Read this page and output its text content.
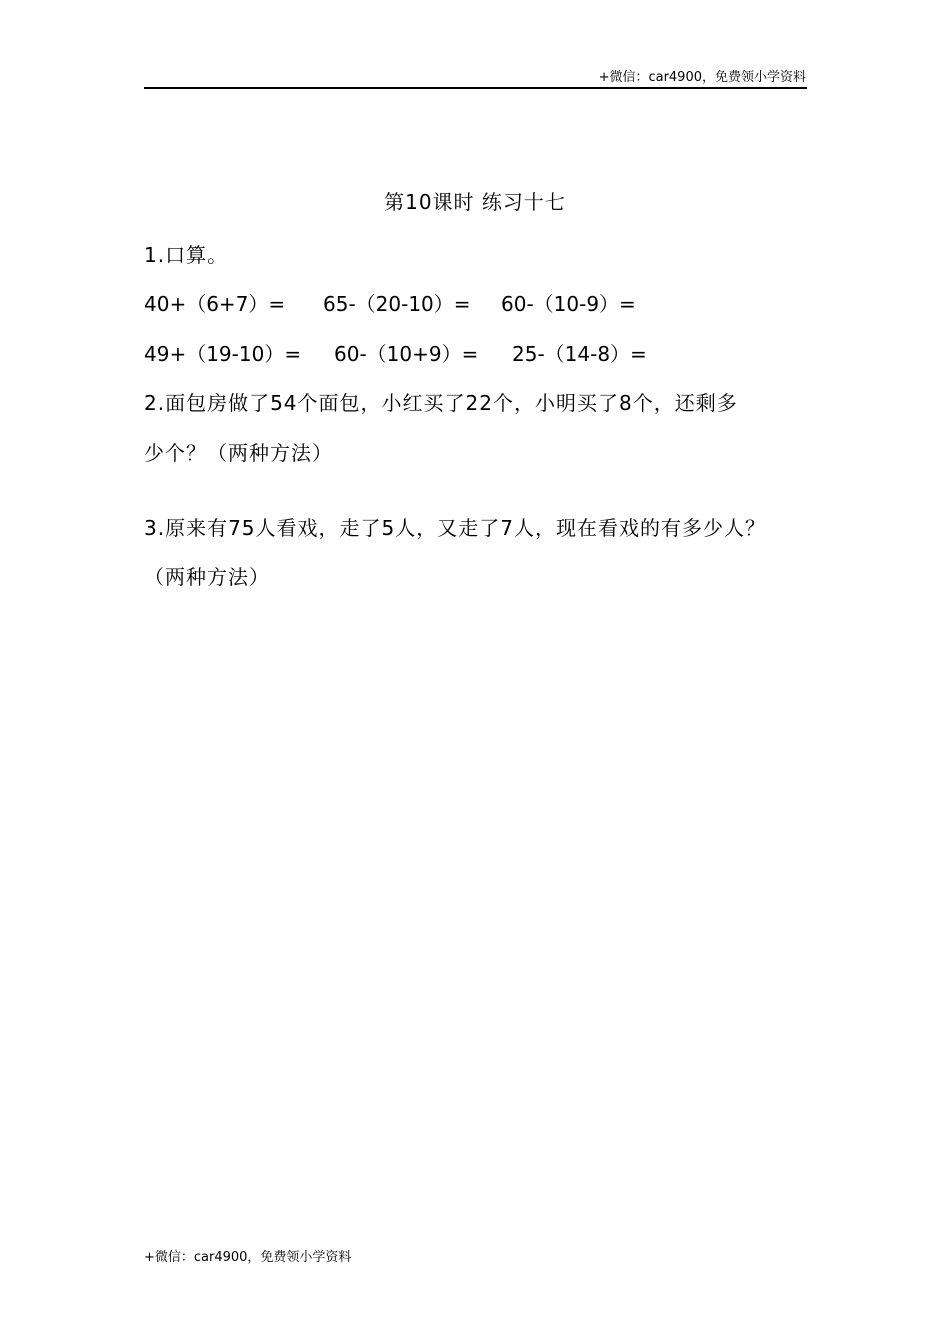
+微信：car4900，免费领小学资料
第10课时 练习十七
1.口算。
40+（6+7）= 65-（20-10）= 60-（10-9）=
49+（19-10）= 60-（10+9）= 25-（14-8）=
2.面包房做了54个面包，小红买了22个，小明买了8个，还剩多
少个？（两种方法）
3.原来有75人看戏，走了5人，又走了7人，现在看戏的有多少人？
（两种方法）
+微信：car4900，免费领小学资料
